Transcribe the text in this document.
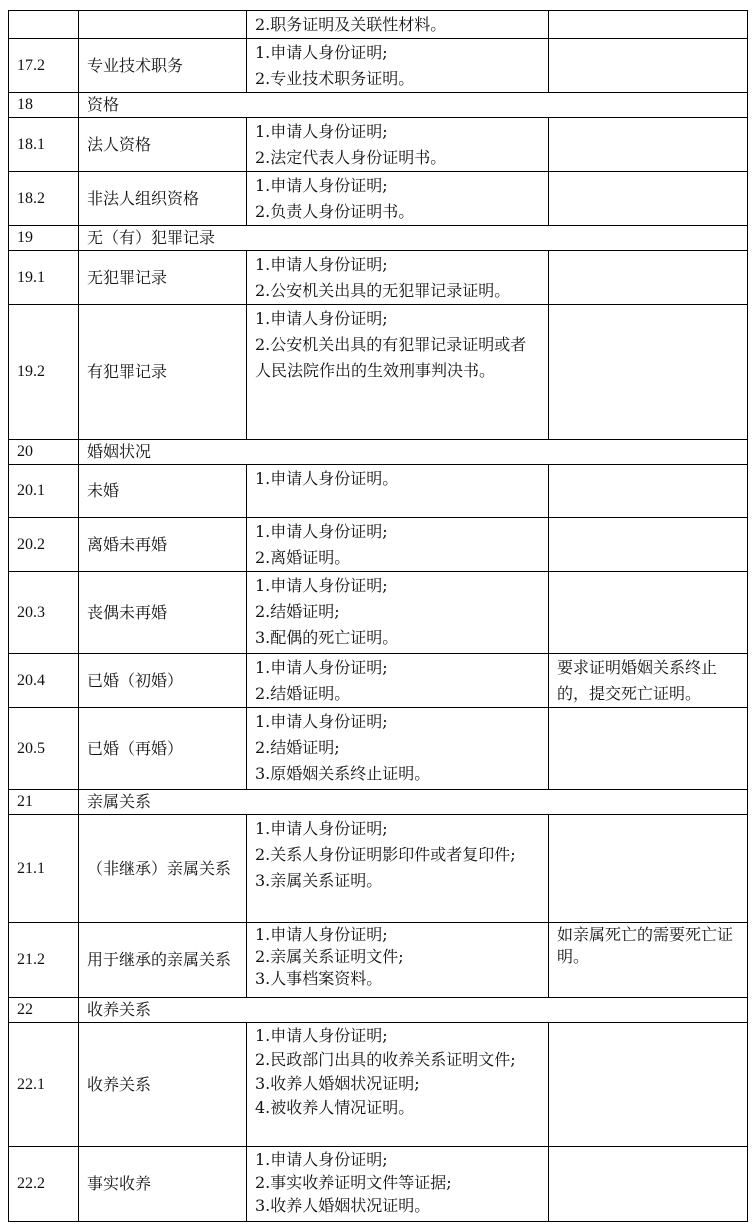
		2.职务证明及关联性材料。	

17.2	专业技术职务	1.申请人身份证明;
2.专业技术职务证明。	

18	资格		
18.1	法人资格	1.申请人身份证明;
2.法定代表人身份证明书。	

18.2	非法人组织资格	1.申请人身份证明;
2.负责人身份证明书。	

19	无（有）犯罪记录		
19.1	无犯罪记录	1.申请人身份证明;
2.公安机关出具的无犯罪记录证明。	

19.2	有犯罪记录	1.申请人身份证明;
2.公安机关出具的有犯罪记录证明或者人民法院作出的生效刑事判决书。	

20	婚姻状况		
20.1	未婚	1.申请人身份证明。	

20.2	离婚未再婚	1.申请人身份证明;
2.离婚证明。	

20.3	丧偶未再婚	1.申请人身份证明;
2.结婚证明;
3.配偶的死亡证明。	

20.4	已婚（初婚）	1.申请人身份证明;
2.结婚证明。	要求证明婚姻关系终止的，提交死亡证明。

20.5	已婚（再婚）	1.申请人身份证明;
2.结婚证明;
3.原婚姻关系终止证明。	

21	亲属关系		
21.1	（非继承）亲属关系	1.申请人身份证明;
2.关系人身份证明影印件或者复印件;
3.亲属关系证明。	

21.2	用于继承的亲属关系	1.申请人身份证明;
2.亲属关系证明文件;
3.人事档案资料。	如亲属死亡的需要死亡证明。

22	收养关系		
22.1	收养关系	1.申请人身份证明;
2.民政部门出具的收养关系证明文件;
3.收养人婚姻状况证明;
4.被收养人情况证明。	

22.2	事实收养	1.申请人身份证明;
2.事实收养证明文件等证据;
3.收养人婚姻状况证明。	
